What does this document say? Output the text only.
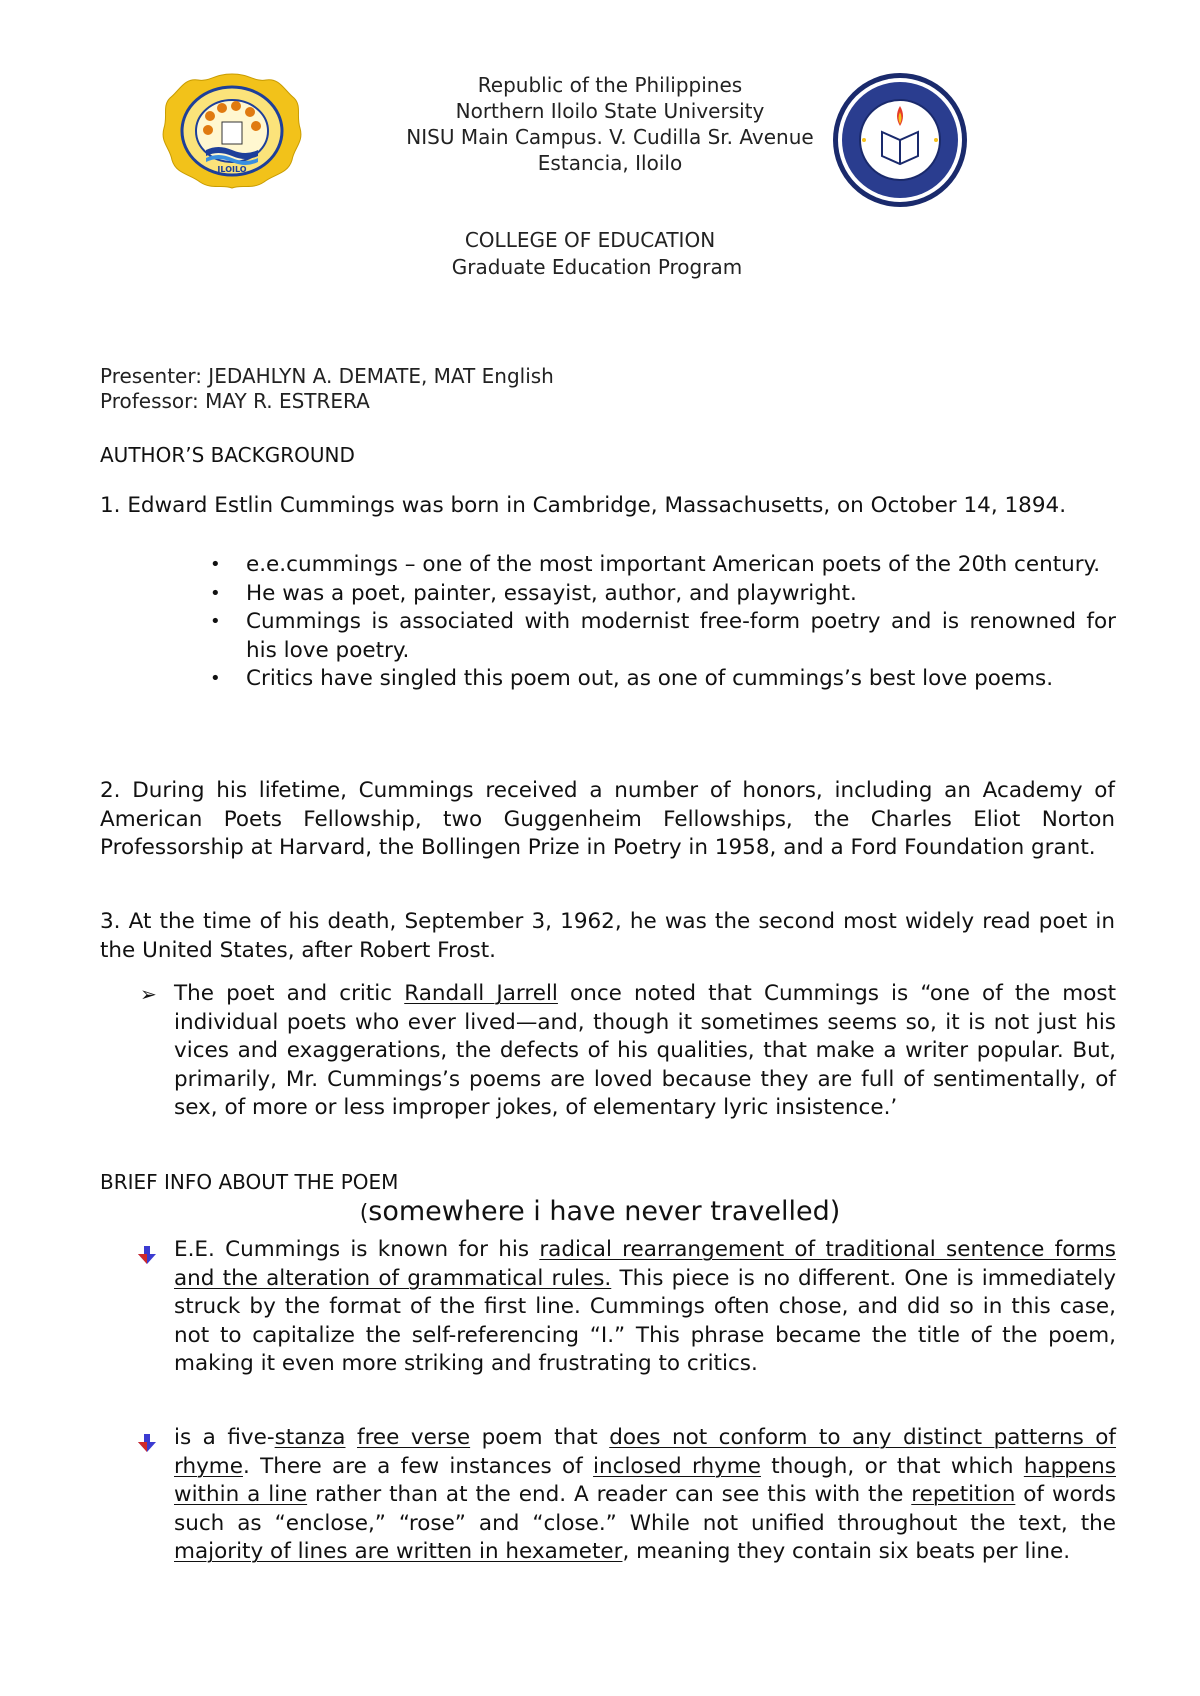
ILOILO
Republic of the Philippines
Northern Iloilo State University
NISU Main Campus. V. Cudilla Sr. Avenue
Estancia, Iloilo
COLLEGE OF EDUCATION
Graduate Education Program
Presenter: JEDAHLYN A. DEMATE, MAT English
Professor: MAY R. ESTRERA
AUTHOR’S BACKGROUND
1. Edward Estlin Cummings was born in Cambridge, Massachusetts, on October 14, 1894.
• e.e.cummings – one of the most important American poets of the 20th century.
• He was a poet, painter, essayist, author, and playwright.
• Cummings is associated with modernist free-form poetry and is renowned for his love poetry.
• Critics have singled this poem out, as one of cummings’s best love poems.
2. During his lifetime, Cummings received a number of honors, including an Academy of American Poets Fellowship, two Guggenheim Fellowships, the Charles Eliot Norton Professorship at Harvard, the Bollingen Prize in Poetry in 1958, and a Ford Foundation grant.
3. At the time of his death, September 3, 1962, he was the second most widely read poet in the United States, after Robert Frost.
➢ The poet and critic Randall Jarrell once noted that Cummings is “one of the most individual poets who ever lived—and, though it sometimes seems so, it is not just his vices and exaggerations, the defects of his qualities, that make a writer popular. But, primarily, Mr. Cummings’s poems are loved because they are full of sentimentally, of sex, of more or less improper jokes, of elementary lyric insistence.’
BRIEF INFO ABOUT THE POEM
(somewhere i have never travelled)
E.E. Cummings is known for his radical rearrangement of traditional sentence forms and the alteration of grammatical rules. This piece is no different. One is immediately struck by the format of the first line. Cummings often chose, and did so in this case, not to capitalize the self-referencing “I.” This phrase became the title of the poem, making it even more striking and frustrating to critics.
is a five-stanza free verse poem that does not conform to any distinct patterns of rhyme. There are a few instances of inclosed rhyme though, or that which happens within a line rather than at the end. A reader can see this with the repetition of words such as “enclose,” “rose” and “close.” While not unified throughout the text, the majority of lines are written in hexameter, meaning they contain six beats per line.
